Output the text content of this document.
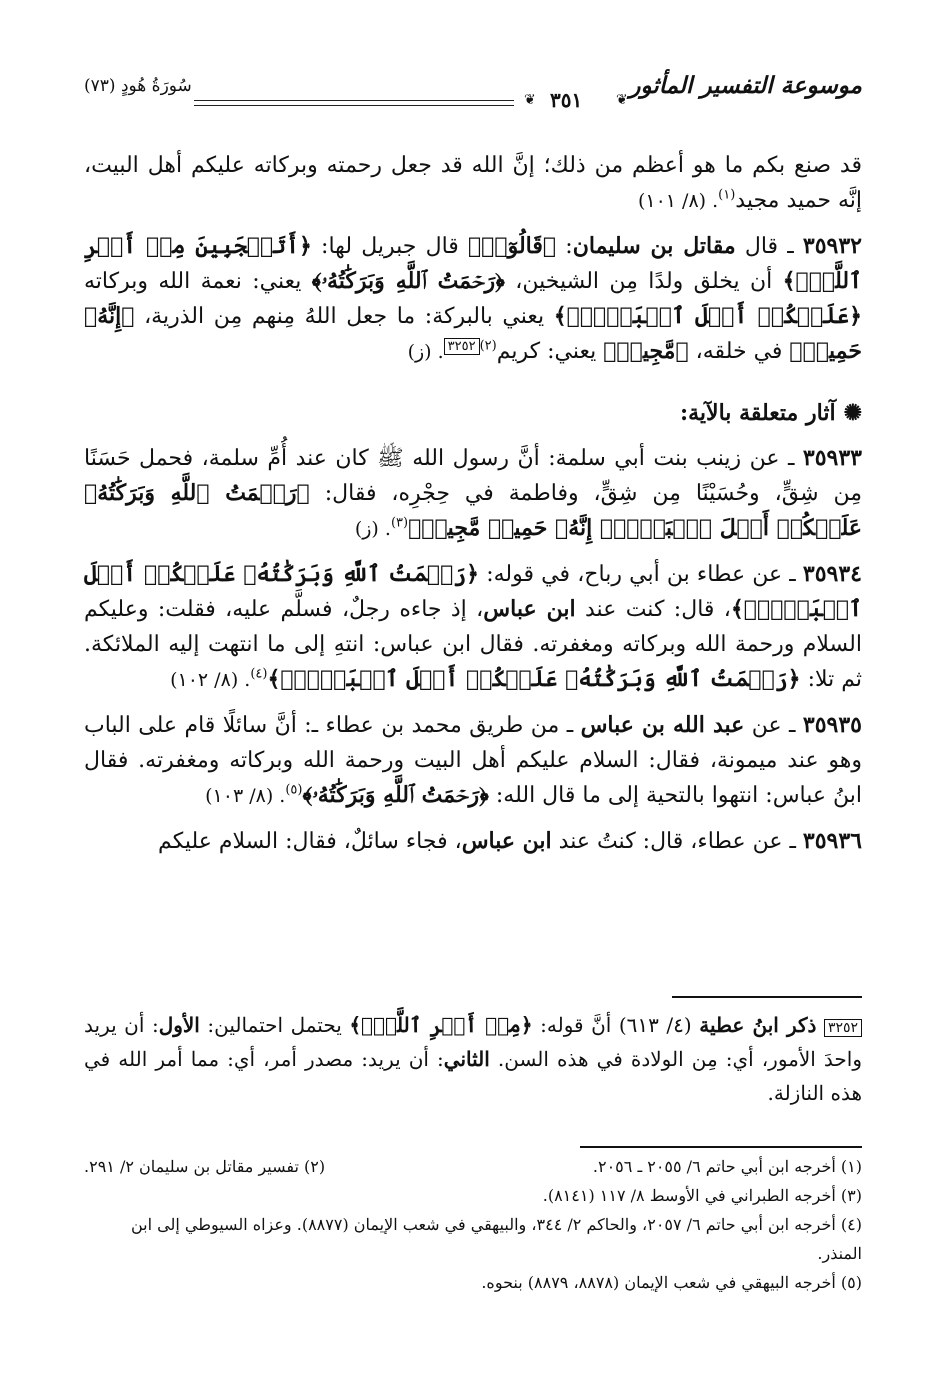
موسوعة التفسير المأثور
❦
٣٥١
❦
سُورَةُ هُودٍ (٧٣)

قد صنع بكم ما هو أعظم من ذلك؛ إنَّ الله قد جعل رحمته وبركاته عليكم أهل البيت، إنَّه حميد مجيد$^{(١)}$. (٨/ ١٠١)

٣٥٩٣٢ ـ قال مقاتل بن سليمان: ﴿قَالُوٓا۟﴾ قال جبريل لها: ﴿أَتَعۡجَبِينَ مِنۡ أَمۡرِ ٱللَّهِۖ﴾ أن يخلق ولدًا مِن الشيخين، ﴿رَحۡمَتُ ٱللَّهِ وَبَرَكَٰتُهُۥ﴾ يعني: نعمة الله وبركاته ﴿عَلَيۡكُمۡ أَهۡلَ ٱلۡبَيۡتِۚ﴾ يعني بالبركة: ما جعل اللهُ مِنهم مِن الذرية، ﴿إِنَّهُۥ حَمِيدٞ﴾ في خلقه، ﴿مَّجِيدٞ﴾ يعني: كريم$^{(٢)٣٢٥٢}$. (ز)

✺آثار متعلقة بالآية:

٣٥٩٣٣ ـ عن زينب بنت أبي سلمة: أنَّ رسول الله ﷺ كان عند أُمِّ سلمة، فحمل حَسَنًا مِن شِقٍّ، وحُسَيْنًا مِن شِقٍّ، وفاطمة في حِجْرِه، فقال: ﴿رَحۡمَتُ ٱللَّهِ وَبَرَكَٰتُهُۥ عَلَيۡكُمۡ أَهۡلَ ٱلۡبَيۡتِۚ إِنَّهُۥ حَمِيدٞ مَّجِيدٞ﴾$^{(٣)}$. (ز)

٣٥٩٣٤ ـ عن عطاء بن أبي رباح، في قوله: ﴿رَحۡمَتُ ٱللَّهِ وَبَرَكَٰتُهُۥ عَلَيۡكُمۡ أَهۡلَ ٱلۡبَيۡتِۚ﴾، قال: كنت عند ابن عباس، إذ جاءه رجلٌ، فسلَّم عليه، فقلت: وعليكم السلام ورحمة الله وبركاته ومغفرته. فقال ابن عباس: انتهِ إلى ما انتهت إليه الملائكة. ثم تلا: ﴿رَحۡمَتُ ٱللَّهِ وَبَرَكَٰتُهُۥ عَلَيۡكُمۡ أَهۡلَ ٱلۡبَيۡتِۚ﴾$^{(٤)}$. (٨/ ١٠٢)

٣٥٩٣٥ ـ عن عبد الله بن عباس ـ من طريق محمد بن عطاء ـ: أنَّ سائلًا قام على الباب وهو عند ميمونة، فقال: السلام عليكم أهل البيت ورحمة الله وبركاته ومغفرته. فقال ابنُ عباس: انتهوا بالتحية إلى ما قال الله: ﴿رَحۡمَتُ ٱللَّهِ وَبَرَكَٰتُهُۥ﴾$^{(٥)}$. (٨/ ١٠٣)

٣٥٩٣٦ ـ عن عطاء، قال: كنتُ عند ابن عباس، فجاء سائلٌ، فقال: السلام عليكم

٣٢٥٢ ذكر ابنُ عطية (٤/ ٦١٣) أنَّ قوله: ﴿مِنۡ أَمۡرِ ٱللَّهِۖ﴾ يحتمل احتمالين: الأول: أن يريد واحدَ الأمور، أي: مِن الولادة في هذه السن. الثاني: أن يريد: مصدر أمر، أي: مما أمر الله في هذه النازلة.

(١) أخرجه ابن أبي حاتم ٦/ ٢٠٥٥ ـ ٢٠٥٦.

(٢) تفسير مقاتل بن سليمان ٢/ ٢٩١.

(٣) أخرجه الطبراني في الأوسط ٨/ ١١٧ (٨١٤١).

(٤) أخرجه ابن أبي حاتم ٦/ ٢٠٥٧، والحاكم ٢/ ٣٤٤، والبيهقي في شعب الإيمان (٨٨٧٧). وعزاه السيوطي إلى ابن المنذر.

(٥) أخرجه البيهقي في شعب الإيمان (٨٨٧٨، ٨٨٧٩) بنحوه.
